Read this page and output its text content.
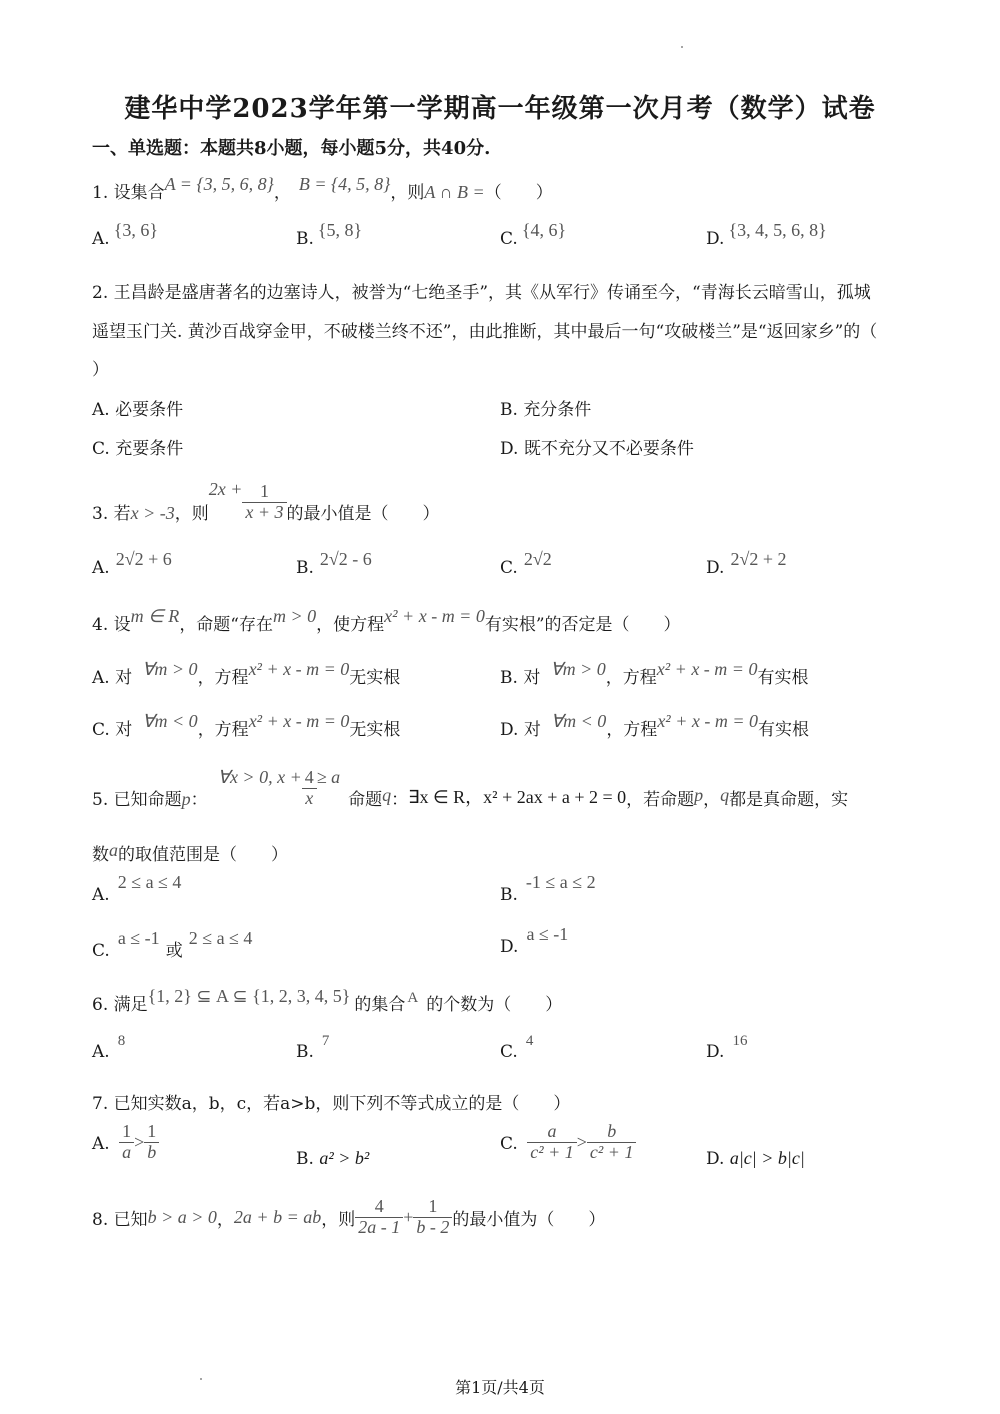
建华中学2023学年第一学期高一年级第一次月考（数学）试卷
一、单选题：本题共8小题，每小题5分，共40分.
1. 设集合A = {3, 5, 6, 8}， B = {4, 5, 8}，则A ∩ B =（　　）
A. {3, 6}	B. {5, 8}	C. {4, 6}	D. {3, 4, 5, 6, 8}
2. 王昌龄是盛唐著名的边塞诗人，被誉为“七绝圣手”，其《从军行》传诵至今，“青海长云暗雪山，孤城
遥望玉门关. 黄沙百战穿金甲，不破楼兰终不还”，由此推断，其中最后一句“攻破楼兰”是“返回家乡”的（
）
A. 必要条件	B. 充分条件
C. 充要条件	D. 既不充分又不必要条件
3. 若x > -3，则$2x + \frac{1}{x + 3}$ 的最小值是（　　）
A. 2√2 + 6	B. 2√2 - 6	C. 2√2	D. 2√2 + 2
4. 设m ∈ R，命题“存在m > 0，使方程x² + x - m = 0有实根”的否定是（　　）
A. 对 ∀m > 0，方程x² + x - m = 0无实根	B. 对 ∀m > 0，方程x² + x - m = 0有实根
C. 对 ∀m < 0，方程x² + x - m = 0无实根	D. 对 ∀m < 0，方程x² + x - m = 0有实根
5. 已知命题p：∀x > 0, $x + \frac{4}{x} \ge a$命题q：∃x ∈ R，x² + 2ax + a + 2 = 0，若命题p，q都是真命题，实
数a的取值范围是（　　）
A.2 ≤ a ≤ 4
B.-1 ≤ a ≤ 2
C.a ≤ -1或2 ≤ a ≤ 4	D.a ≤ -1
6. 满足{1, 2} ⊆ A ⊆ {1, 2, 3, 4, 5} 的集合 A 的个数为（　　）
A.8
B.7
C.4
D.16
7. 已知实数a，b，c，若a>b，则下列不等式成立的是（　　）
A. $\frac{1}{a} > \frac{1}{b}$	B. a² > b²
C. $\frac{a}{\text{c² + 1}} > \frac{b}{\text{c² + 1}}$	D. a|c| > b|c|
8. 已知b > a > 0，2a + b = ab，则 $\frac{4}{2a - 1} + \frac{1}{b - 2}$ 的最小值为（　　）
第1页/共4页
